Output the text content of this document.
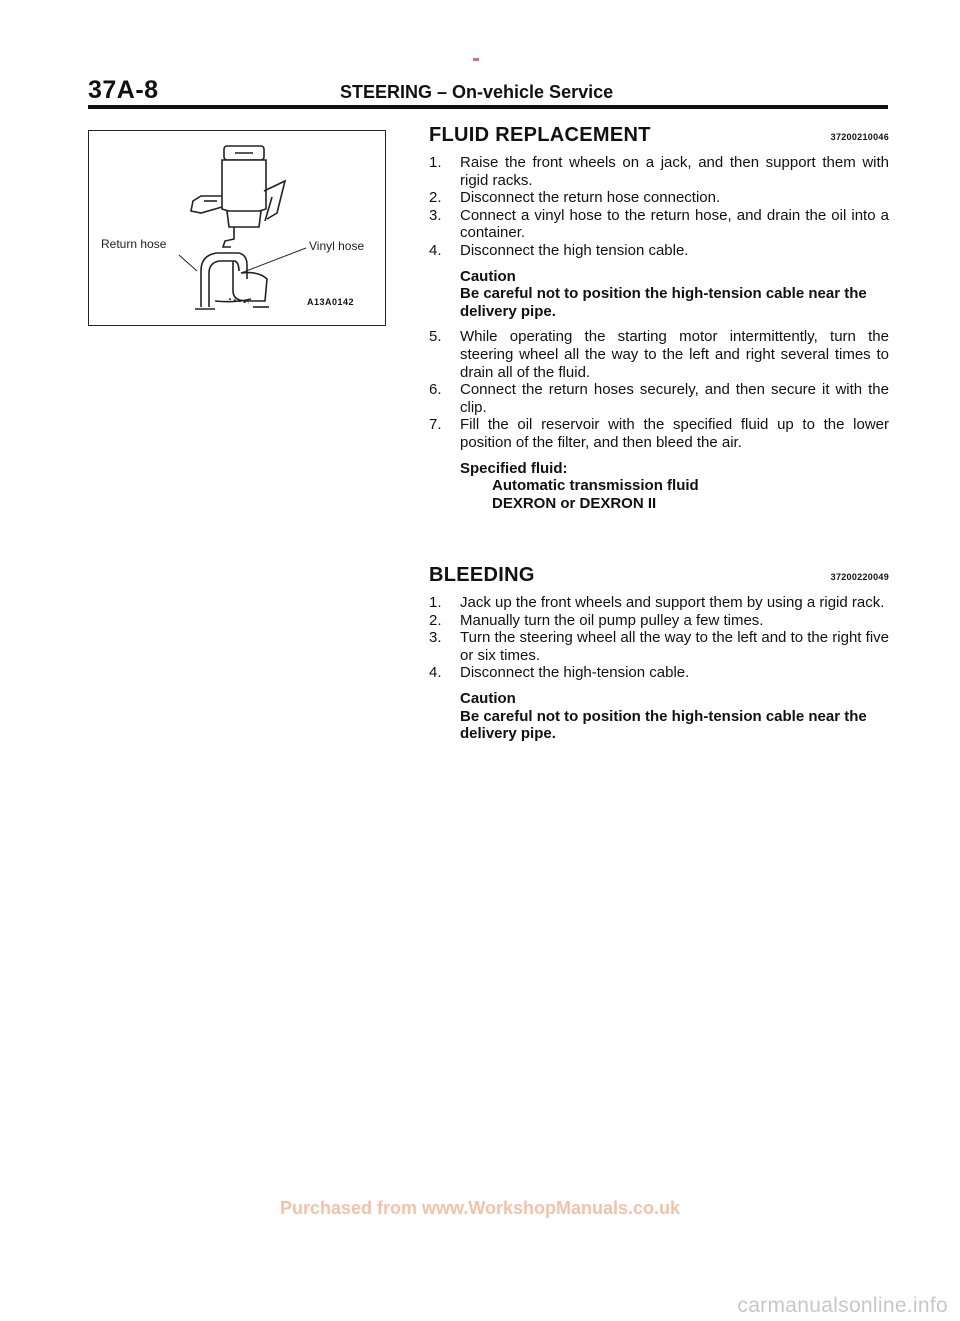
37A-8	STEERING – On-vehicle Service
Return hose	Vinyl hose
A13A0142
FLUID REPLACEMENT	37200210046
1. Raise the front wheels on a jack, and then support them with rigid racks.
2. Disconnect the return hose connection.
3. Connect a vinyl hose to the return hose, and drain the oil into a container.
4. Disconnect the high tension cable.
Caution
Be careful not to position the high-tension cable near the delivery pipe.
5. While operating the starting motor intermittently, turn the steering wheel all the way to the left and right several times to drain all of the fluid.
6. Connect the return hoses securely, and then secure it with the clip.
7. Fill the oil reservoir with the specified fluid up to the lower position of the filter, and then bleed the air.
Specified fluid:
Automatic transmission fluid
DEXRON or DEXRON II
BLEEDING	37200220049
1. Jack up the front wheels and support them by using a rigid rack.
2. Manually turn the oil pump pulley a few times.
3. Turn the steering wheel all the way to the left and to the right five or six times.
4. Disconnect the high-tension cable.
Caution
Be careful not to position the high-tension cable near the delivery pipe.
Purchased from www.WorkshopManuals.co.uk
carmanualsonline.info
